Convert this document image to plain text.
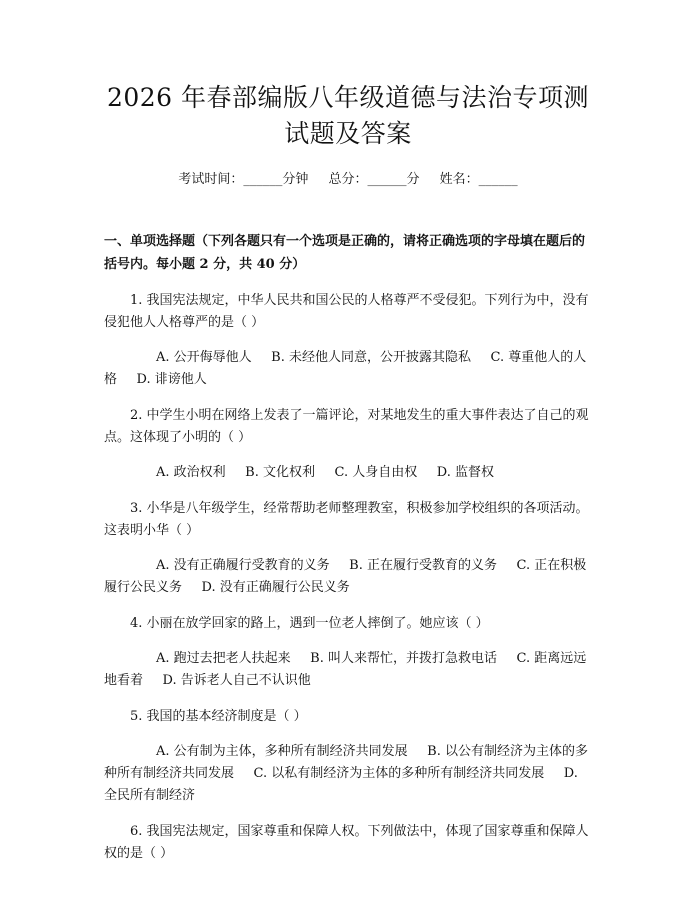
2026 年春部编版八年级道德与法治专项测试题及答案
考试时间：______分钟 总分：______分 姓名：______
一、单项选择题（下列各题只有一个选项是正确的，请将正确选项的字母填在题后的括号内。每小题 2 分，共 40 分）

1. 我国宪法规定，中华人民共和国公民的人格尊严不受侵犯。下列行为中，没有侵犯他人人格尊严的是（ ）

A. 公开侮辱他人 B. 未经他人同意，公开披露其隐私 C. 尊重他人的人格 D. 诽谤他人

2. 中学生小明在网络上发表了一篇评论，对某地发生的重大事件表达了自己的观点。这体现了小明的（ ）

A. 政治权利 B. 文化权利 C. 人身自由权 D. 监督权

3. 小华是八年级学生，经常帮助老师整理教室，积极参加学校组织的各项活动。这表明小华（ ）

A. 没有正确履行受教育的义务 B. 正在履行受教育的义务 C. 正在积极履行公民义务 D. 没有正确履行公民义务

4. 小丽在放学回家的路上，遇到一位老人摔倒了。她应该（ ）

A. 跑过去把老人扶起来 B. 叫人来帮忙，并拨打急救电话 C. 距离远远地看着 D. 告诉老人自己不认识他

5. 我国的基本经济制度是（ ）

A. 公有制为主体，多种所有制经济共同发展 B. 以公有制经济为主体的多种所有制经济共同发展 C. 以私有制经济为主体的多种所有制经济共同发展 D. 全民所有制经济

6. 我国宪法规定，国家尊重和保障人权。下列做法中，体现了国家尊重和保障人权的是（ ）
